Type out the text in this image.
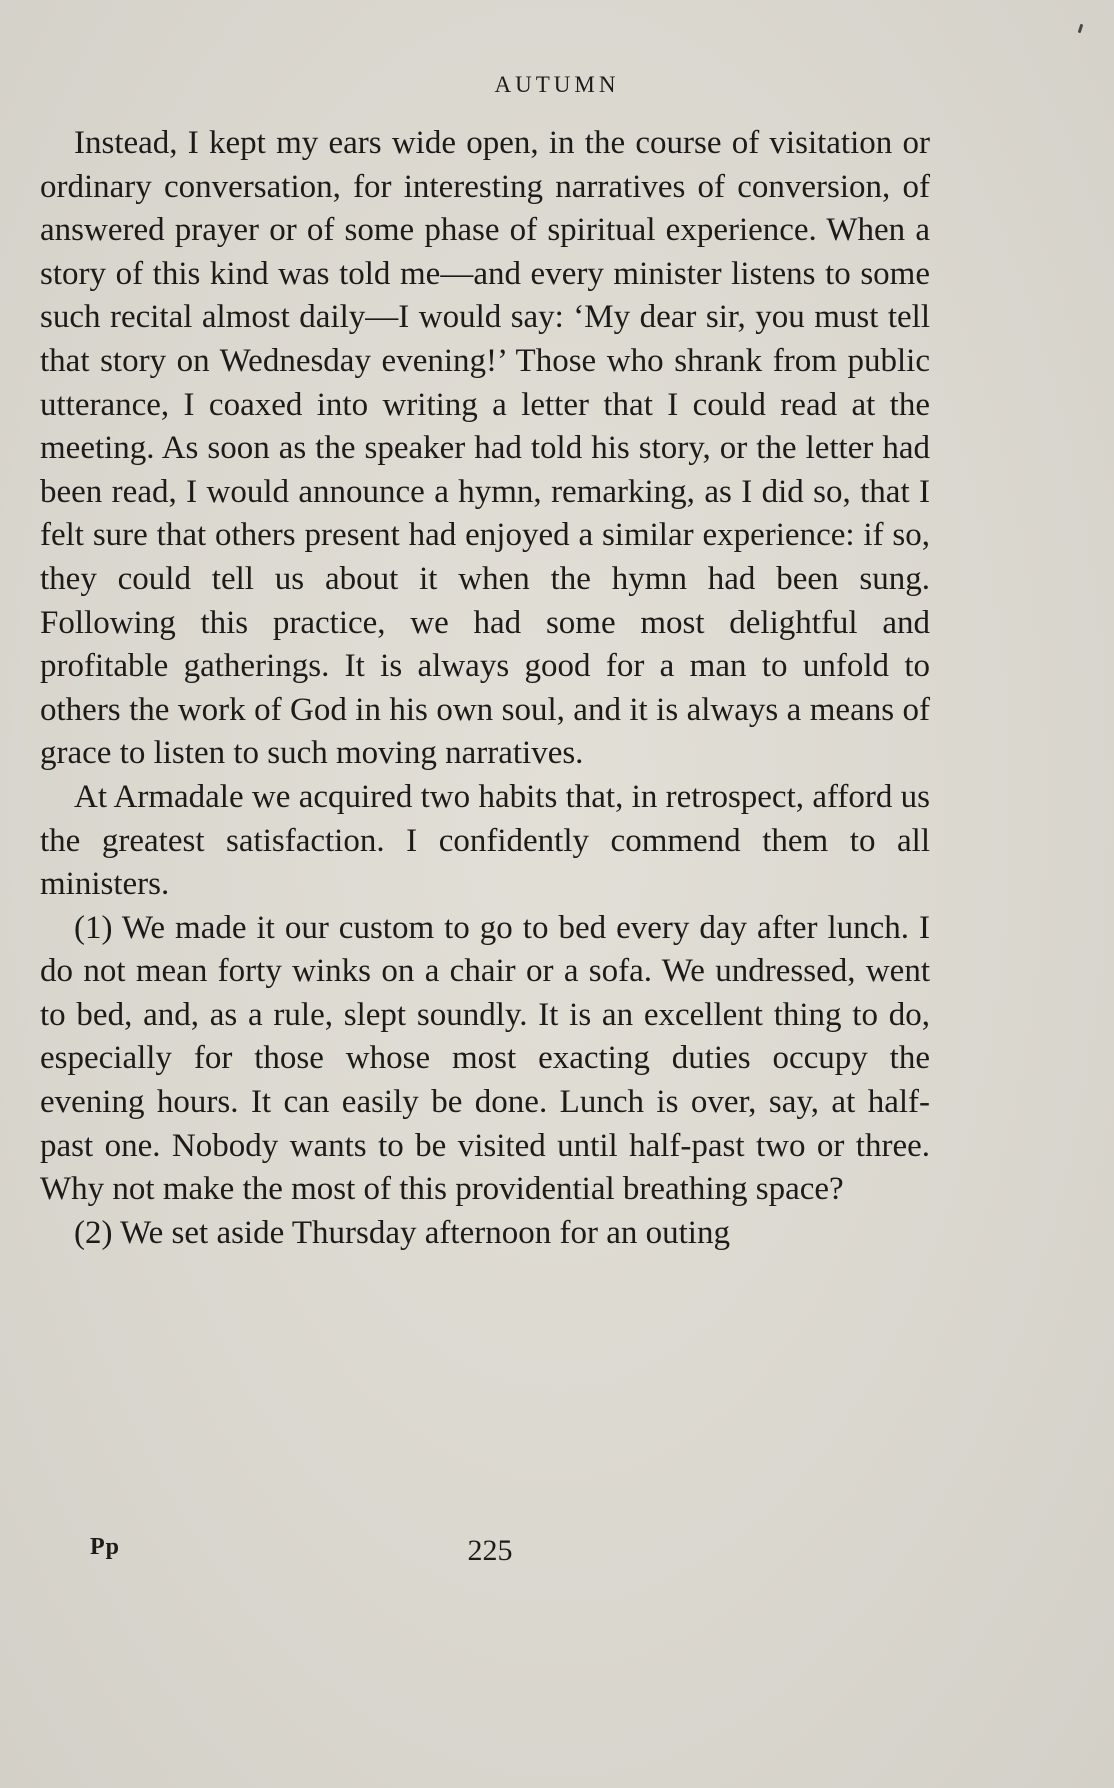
AUTUMN

Instead, I kept my ears wide open, in the course of visitation or ordinary conversation, for interesting narratives of conversion, of answered prayer or of some phase of spiritual experience. When a story of this kind was told me—and every minister listens to some such recital almost daily—I would say: ‘My dear sir, you must tell that story on Wednesday evening!’ Those who shrank from public utterance, I coaxed into writing a letter that I could read at the meeting. As soon as the speaker had told his story, or the letter had been read, I would announce a hymn, remarking, as I did so, that I felt sure that others present had enjoyed a similar experience: if so, they could tell us about it when the hymn had been sung. Following this practice, we had some most delightful and profitable gatherings. It is always good for a man to unfold to others the work of God in his own soul, and it is always a means of grace to listen to such moving narratives.

At Armadale we acquired two habits that, in retrospect, afford us the greatest satisfaction. I confidently commend them to all ministers.

(1) We made it our custom to go to bed every day after lunch. I do not mean forty winks on a chair or a sofa. We undressed, went to bed, and, as a rule, slept soundly. It is an excellent thing to do, especially for those whose most exacting duties occupy the evening hours. It can easily be done. Lunch is over, say, at half-past one. Nobody wants to be visited until half-past two or three. Why not make the most of this providential breathing space?

(2) We set aside Thursday afternoon for an outing

Pp	225
